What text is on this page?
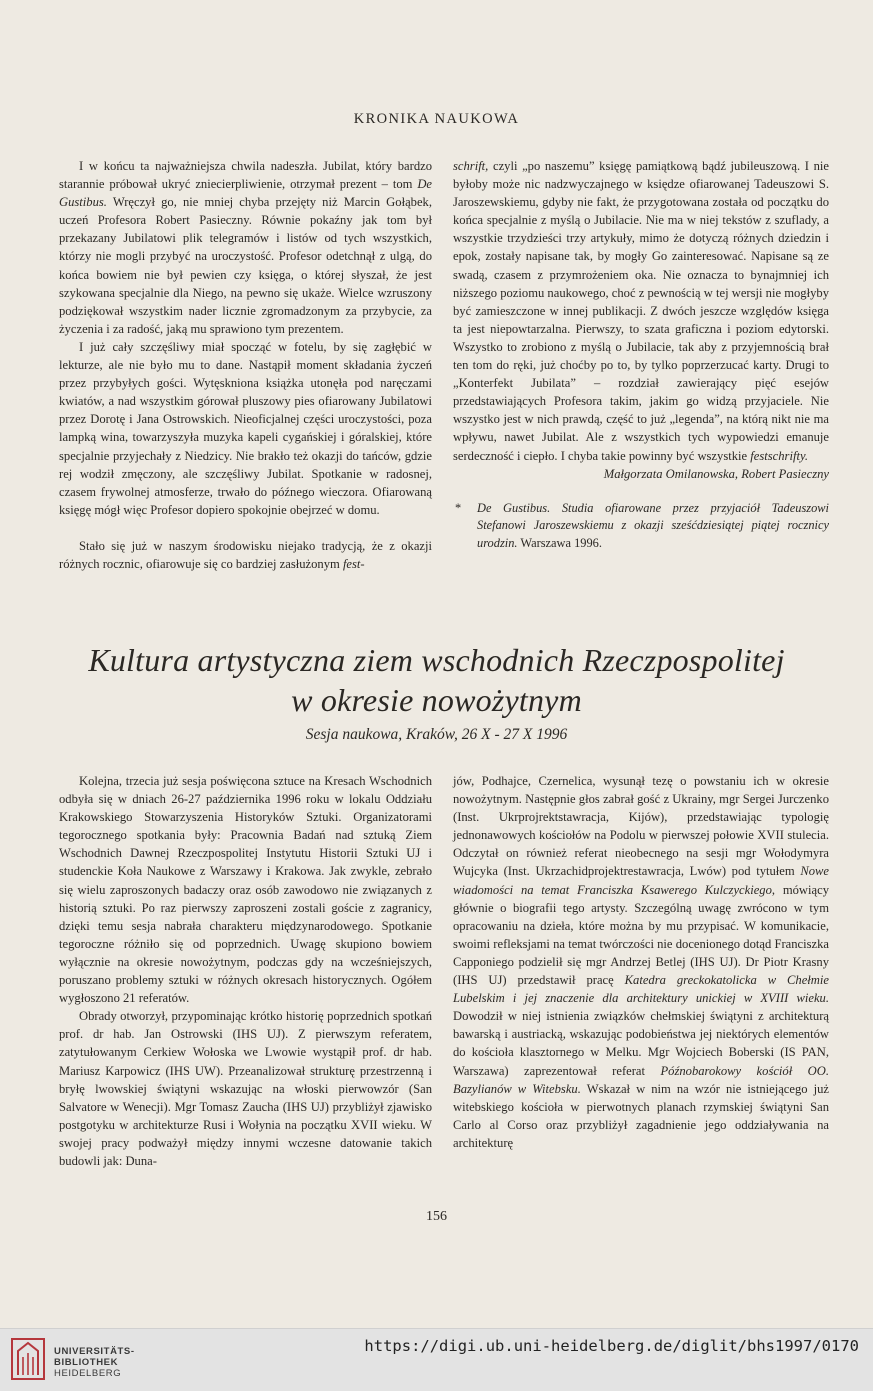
KRONIKA NAUKOWA

I w końcu ta najważniejsza chwila nadeszła. Jubilat, który bardzo starannie próbował ukryć zniecierpliwienie, otrzymał prezent – tom De Gustibus. Wręczył go, nie mniej chyba przejęty niż Marcin Gołąbek, uczeń Profesora Robert Pasieczny. Równie pokaźny jak tom był przekazany Jubilatowi plik telegramów i listów od tych wszystkich, którzy nie mogli przybyć na uroczystość. Profesor odetchnął z ulgą, do końca bowiem nie był pewien czy księga, o której słyszał, że jest szykowana specjalnie dla Niego, na pewno się ukaże. Wielce wzruszony podziękował wszystkim nader licznie zgromadzonym za przybycie, za życzenia i za radość, jaką mu sprawiono tym prezentem.

I już cały szczęśliwy miał spocząć w fotelu, by się zagłębić w lekturze, ale nie było mu to dane. Nastąpił moment składania życzeń przez przybyłych gości. Wytęskniona książka utonęła pod naręczami kwiatów, a nad wszystkim górował pluszowy pies ofiarowany Jubilatowi przez Dorotę i Jana Ostrowskich. Nieoficjalnej części uroczystości, poza lampką wina, towarzyszyła muzyka kapeli cygańskiej i góralskiej, które specjalnie przyjechały z Niedzicy. Nie brakło też okazji do tańców, gdzie rej wodził zmęczony, ale szczęśliwy Jubilat. Spotkanie w radosnej, czasem frywolnej atmosferze, trwało do późnego wieczora. Ofiarowaną księgę mógł więc Profesor dopiero spokojnie obejrzeć w domu.

Stało się już w naszym środowisku niejako tradycją, że z okazji różnych rocznic, ofiarowuje się co bardziej zasłużonym fest-

schrift, czyli „po naszemu” księgę pamiątkową bądź jubileuszową. I nie byłoby może nic nadzwyczajnego w księdze ofiarowanej Tadeuszowi S. Jaroszewskiemu, gdyby nie fakt, że przygotowana została od początku do końca specjalnie z myślą o Jubilacie. Nie ma w niej tekstów z szuflady, a wszystkie trzydzieści trzy artykuły, mimo że dotyczą różnych dziedzin i epok, zostały napisane tak, by mogły Go zainteresować. Napisane są ze swadą, czasem z przymrożeniem oka. Nie oznacza to bynajmniej ich niższego poziomu naukowego, choć z pewnością w tej wersji nie mogłyby być zamieszczone w innej publikacji. Z dwóch jeszcze względów księga ta jest niepowtarzalna. Pierwszy, to szata graficzna i poziom edytorski. Wszystko to zrobiono z myślą o Jubilacie, tak aby z przyjemnością brał ten tom do ręki, już choćby po to, by tylko poprzerzucać karty. Drugi to „Konterfekt Jubilata” – rozdział zawierający pięć esejów przedstawiających Profesora takim, jakim go widzą przyjaciele. Nie wszystko jest w nich prawdą, część to już „legenda”, na którą nikt nie ma wpływu, nawet Jubilat. Ale z wszystkich tych wypowiedzi emanuje serdeczność i ciepło. I chyba takie powinny być wszystkie festschrifty.

Małgorzata Omilanowska, Robert Pasieczny

* De Gustibus. Studia ofiarowane przez przyjaciół Tadeuszowi Stefanowi Jaroszewskiemu z okazji sześćdziesiątej piątej rocznicy urodzin. Warszawa 1996.
Kultura artystyczna ziem wschodnich Rzeczpospolitej
w okresie nowożytnym
Sesja naukowa, Kraków, 26 X - 27 X 1996

Kolejna, trzecia już sesja poświęcona sztuce na Kresach Wschodnich odbyła się w dniach 26-27 października 1996 roku w lokalu Oddziału Krakowskiego Stowarzyszenia Historyków Sztuki. Organizatorami tegorocznego spotkania były: Pracownia Badań nad sztuką Ziem Wschodnich Dawnej Rzeczpospolitej Instytutu Historii Sztuki UJ i studenckie Koła Naukowe z Warszawy i Krakowa. Jak zwykle, zebrało się wielu zaproszonych badaczy oraz osób zawodowo nie związanych z historią sztuki. Po raz pierwszy zaproszeni zostali goście z zagranicy, dzięki temu sesja nabrała charakteru międzynarodowego. Spotkanie tegoroczne różniło się od poprzednich. Uwagę skupiono bowiem wyłącznie na okresie nowożytnym, podczas gdy na wcześniejszych, poruszano problemy sztuki w różnych okresach historycznych. Ogółem wygłoszono 21 referatów.

Obrady otworzył, przypominając krótko historię poprzednich spotkań prof. dr hab. Jan Ostrowski (IHS UJ). Z pierwszym referatem, zatytułowanym Cerkiew Wołoska we Lwowie wystąpił prof. dr hab. Mariusz Karpowicz (IHS UW). Przeanalizował strukturę przestrzenną i bryłę lwowskiej świątyni wskazując na włoski pierwowzór (San Salvatore w Wenecji). Mgr Tomasz Zaucha (IHS UJ) przybliżył zjawisko postgotyku w architekturze Rusi i Wołynia na początku XVII wieku. W swojej pracy podważył między innymi wczesne datowanie takich budowli jak: Duna-

jów, Podhajce, Czernelica, wysunął tezę o powstaniu ich w okresie nowożytnym. Następnie głos zabrał gość z Ukrainy, mgr Sergei Jurczenko (Inst. Ukrprojrektstawracja, Kijów), przedstawiając typologię jednonawowych kościołów na Podolu w pierwszej połowie XVII stulecia. Odczytał on również referat nieobecnego na sesji mgr Wołodymyra Wujcyka (Inst. Ukrzachidprojektrestawracja, Lwów) pod tytułem Nowe wiadomości na temat Franciszka Ksawerego Kulczyckiego, mówiący głównie o biografii tego artysty. Szczególną uwagę zwrócono w tym opracowaniu na dzieła, które można by mu przypisać. W komunikacie, swoimi refleksjami na temat twórczości nie docenionego dotąd Franciszka Capponiego podzielił się mgr Andrzej Betlej (IHS UJ). Dr Piotr Krasny (IHS UJ) przedstawił pracę Katedra greckokatolicka w Chełmie Lubelskim i jej znaczenie dla architektury unickiej w XVIII wieku. Dowodził w niej istnienia związków chełmskiej świątyni z architekturą bawarską i austriacką, wskazując podobieństwa jej niektórych elementów do kościoła klasztornego w Melku. Mgr Wojciech Boberski (IS PAN, Warszawa) zaprezentował referat Późnobarokowy kościół OO. Bazylianów w Witebsku. Wskazał w nim na wzór nie istniejącego już witebskiego kościoła w pierwotnych planach rzymskiej świątyni San Carlo al Corso oraz przybliżył zagadnienie jego oddziaływania na architekturę

156
UNIVERSITÄTS-
BIBLIOTHEK
HEIDELBERG
https://digi.ub.uni-heidelberg.de/diglit/bhs1997/0170
